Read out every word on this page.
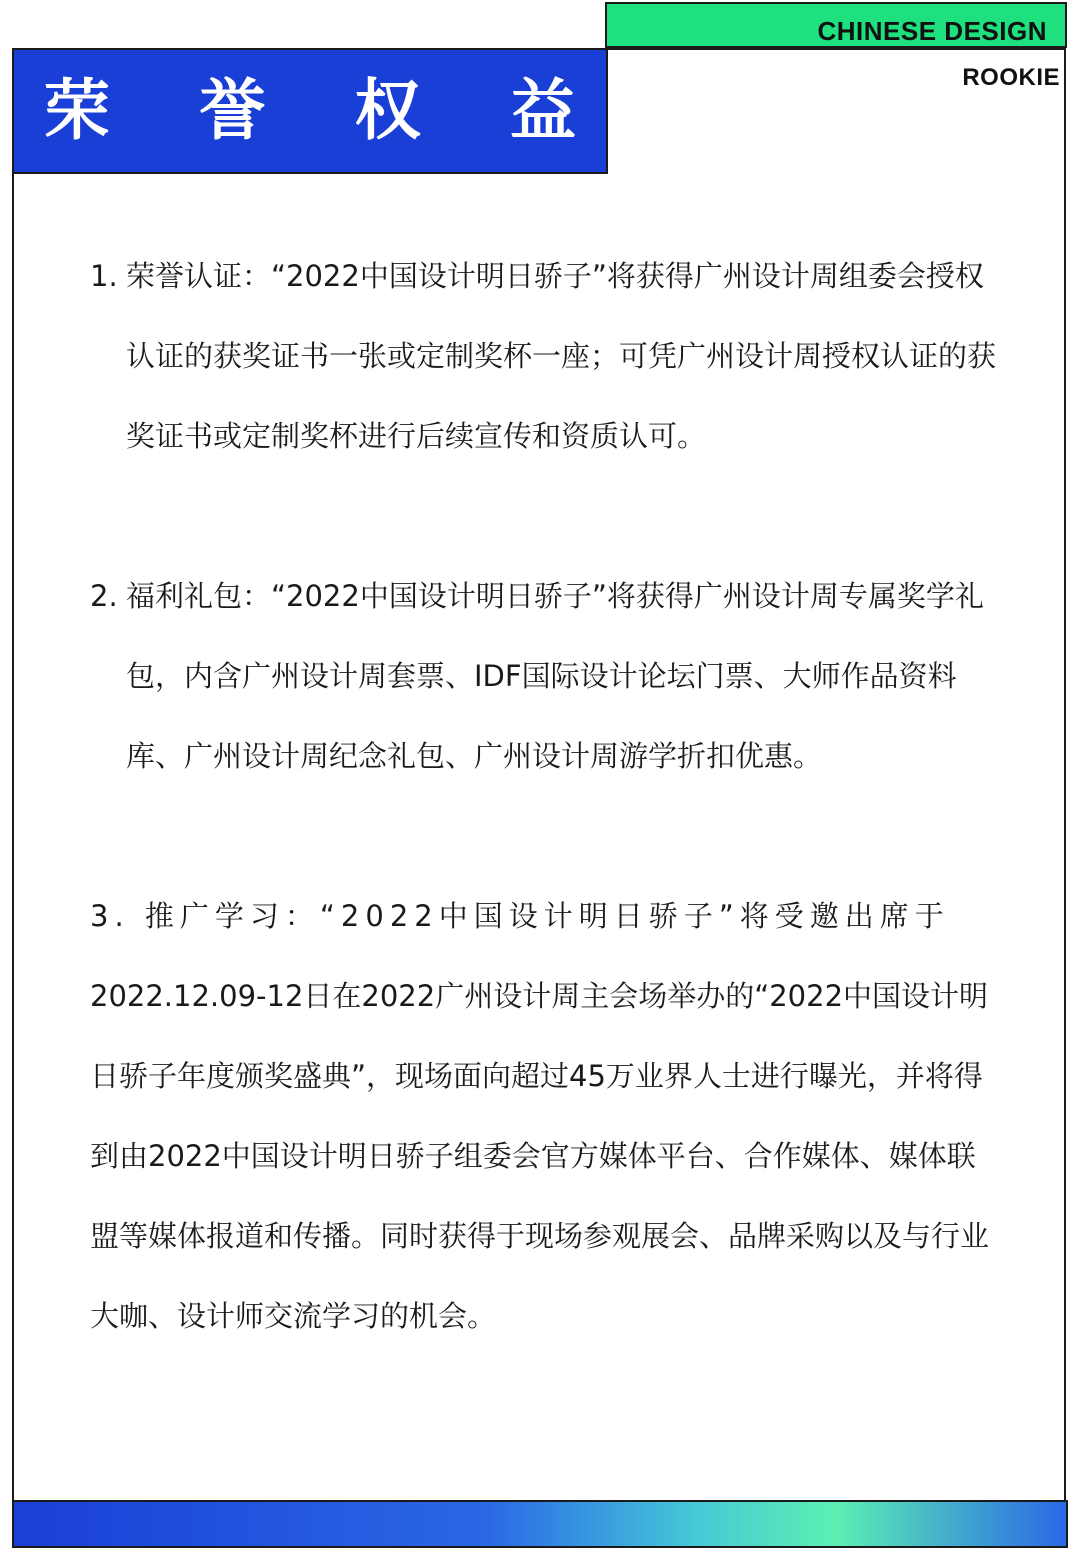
CHINESE DESIGN
ROOKIE
荣 誉 权 益
1. 荣誉认证：“2022中国设计明日骄子”将获得广州设计周组委会授权认证的获奖证书一张或定制奖杯一座；可凭广州设计周授权认证的获奖证书或定制奖杯进行后续宣传和资质认可。
2. 福利礼包：“2022中国设计明日骄子”将获得广州设计周专属奖学礼包，内含广州设计周套票、IDF国际设计论坛门票、大师作品资料库、广州设计周纪念礼包、广州设计周游学折扣优惠。
3. 推广学习：“2022中国设计明日骄子”将受邀出席于
2022.12.09-12日在2022广州设计周主会场举办的“2022中国设计明日骄子年度颁奖盛典”，现场面向超过45万业界人士进行曝光，并将得到由2022中国设计明日骄子组委会官方媒体平台、合作媒体、媒体联盟等媒体报道和传播。同时获得于现场参观展会、品牌采购以及与行业大咖、设计师交流学习的机会。
